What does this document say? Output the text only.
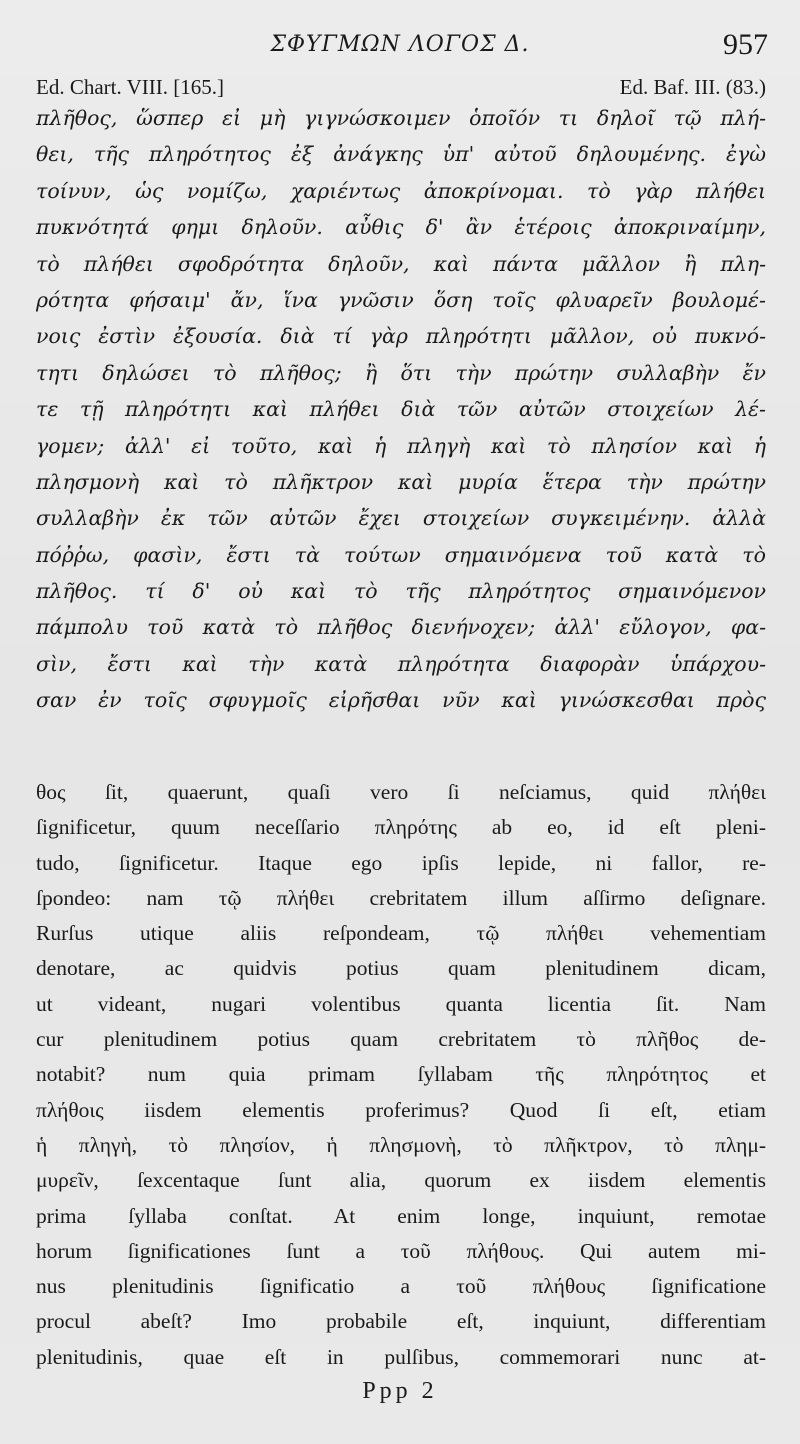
ΣΦΥΓΜΩΝ ΛΟΓΟΣ Δ.	957
Ed. Chart. VIII. [165.]	Ed. Baf. III. (83.)
πλῆθος, ὥσπερ εἰ μὴ γιγνώσκοιμεν ὁποῖόν τι δηλοῖ τῷ πλή-
θει, τῆς πληρότητος ἐξ ἀνάγκης ὑπ' αὐτοῦ δηλουμένης. ἐγὼ
τοίνυν, ὡς νομίζω, χαριέντως ἀποκρίνομαι. τὸ γὰρ πλήθει
πυκνότητά φημι δηλοῦν. αὖθις δ' ἂν ἑτέροις ἀποκριναίμην,
τὸ πλήθει σφοδρότητα δηλοῦν, καὶ πάντα μᾶλλον ἢ πλη-
ρότητα φήσαιμ' ἄν, ἵνα γνῶσιν ὅση τοῖς φλυαρεῖν βουλομέ-
νοις ἐστὶν ἐξουσία. διὰ τί γὰρ πληρότητι μᾶλλον, οὐ πυκνό-
τητι δηλώσει τὸ πλῆθος; ἢ ὅτι τὴν πρώτην συλλαβὴν ἔν
τε τῇ πληρότητι καὶ πλήθει διὰ τῶν αὐτῶν στοιχείων λέ-
γομεν; ἀλλ' εἰ τοῦτο, καὶ ἡ πληγὴ καὶ τὸ πλησίον καὶ ἡ
πλησμονὴ καὶ τὸ πλῆκτρον καὶ μυρία ἕτερα τὴν πρώτην
συλλαβὴν ἐκ τῶν αὐτῶν ἔχει στοιχείων συγκειμένην. ἀλλὰ
πόῤῥω, φασὶν, ἔστι τὰ τούτων σημαινόμενα τοῦ κατὰ τὸ
πλῆθος. τί δ' οὐ καὶ τὸ τῆς πληρότητος σημαινόμενον
πάμπολυ τοῦ κατὰ τὸ πλῆθος διενήνοχεν; ἀλλ' εὔλογον, φα-
σὶν, ἔστι καὶ τὴν κατὰ πληρότητα διαφορὰν ὑπάρχου-
σαν ἐν τοῖς σφυγμοῖς εἰρῆσθαι νῦν καὶ γινώσκεσθαι πρὸς
θος ſit, quaerunt, quaſi vero ſi neſciamus, quid πλήθει
ſignificetur, quum neceſſario πληρότης ab eo, id eſt pleni-
tudo, ſignificetur. Itaque ego ipſis lepide, ni fallor, re-
ſpondeo: nam τῷ πλήθει crebritatem illum aſſirmo deſignare.
Rurſus utique aliis reſpondeam, τῷ πλήθει vehementiam
denotare, ac quidvis potius quam plenitudinem dicam,
ut videant, nugari volentibus quanta licentia ſit. Nam
cur plenitudinem potius quam crebritatem τὸ πλῆθος de-
notabit? num quia primam ſyllabam τῆς πληρότητος et
πλήθοις iisdem elementis proferimus? Quod ſi eſt, etiam
ἡ πληγὴ, τὸ πλησίον, ἡ πλησμονὴ, τὸ πλῆκτρον, τὸ πλημ-
μυρεῖν, ſexcentaque ſunt alia, quorum ex iisdem elementis
prima ſyllaba conſtat. At enim longe, inquiunt, remotae
horum ſignificationes ſunt a τοῦ πλήθους. Qui autem mi-
nus plenitudinis ſignificatio a τοῦ πλήθους ſignificatione
procul abeſt? Imo probabile eſt, inquiunt, differentiam
plenitudinis, quae eſt in pulſibus, commemorari nunc at-
Ppp 2
